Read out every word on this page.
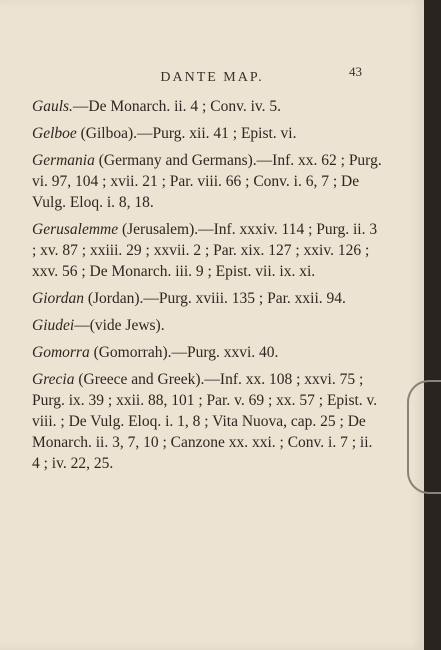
DANTE MAP.	43
Gauls.—De Monarch. ii. 4 ; Conv. iv. 5.
Gelboe (Gilboa).—Purg. xii. 41 ; Epist. vi.
Germania (Germany and Germans).—Inf. xx. 62 ; Purg. vi. 97, 104 ; xvii. 21 ; Par. viii. 66 ; Conv. i. 6, 7 ; De Vulg. Eloq. i. 8, 18.
Gerusalemme (Jerusalem).—Inf. xxxiv. 114 ; Purg. ii. 3 ; xv. 87 ; xxiii. 29 ; xxvii. 2 ; Par. xix. 127 ; xxiv. 126 ; xxv. 56 ; De Monarch. iii. 9 ; Epist. vii. ix. xi.
Giordan (Jordan).—Purg. xviii. 135 ; Par. xxii. 94.
Giudei—(vide Jews).
Gomorra (Gomorrah).—Purg. xxvi. 40.
Grecia (Greece and Greek).—Inf. xx. 108 ; xxvi. 75 ; Purg. ix. 39 ; xxii. 88, 101 ; Par. v. 69 ; xx. 57 ; Epist. v. viii. ; De Vulg. Eloq. i. 1, 8 ; Vita Nuova, cap. 25 ; De Monarch. ii. 3, 7, 10 ; Canzone xx. xxi. ; Conv. i. 7 ; ii. 4 ; iv. 22, 25.
